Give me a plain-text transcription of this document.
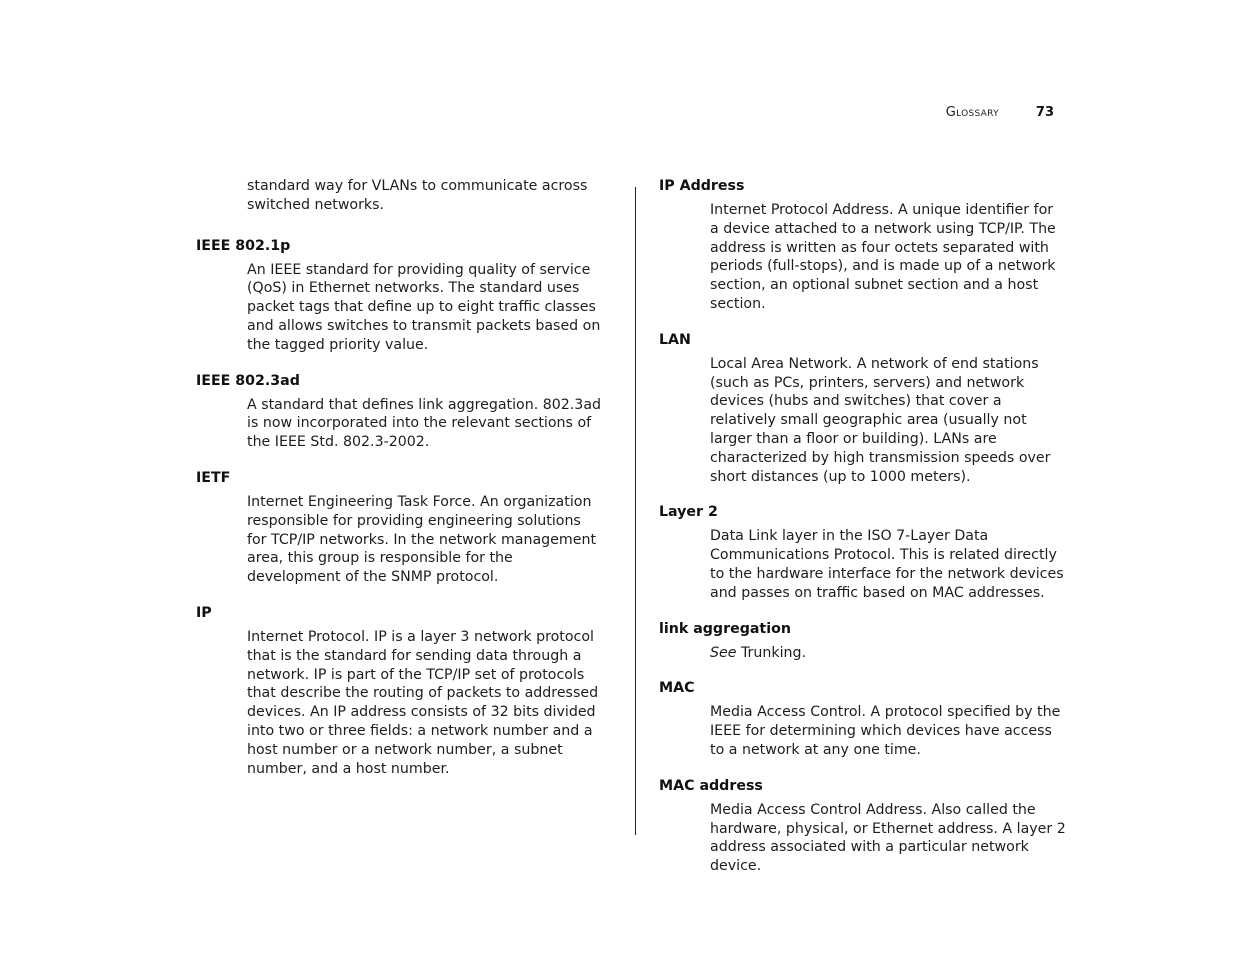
Glossary	73

standard way for VLANs to communicate across switched networks.

IEEE 802.1p

An IEEE standard for providing quality of service (QoS) in Ethernet networks. The standard uses packet tags that define up to eight traffic classes and allows switches to transmit packets based on the tagged priority value.

IEEE 802.3ad

A standard that defines link aggregation. 802.3ad is now incorporated into the relevant sections of the IEEE Std. 802.3-2002.

IETF

Internet Engineering Task Force. An organization responsible for providing engineering solutions for TCP/IP networks. In the network management area, this group is responsible for the development of the SNMP protocol.

IP

Internet Protocol. IP is a layer 3 network protocol that is the standard for sending data through a network. IP is part of the TCP/IP set of protocols that describe the routing of packets to addressed devices. An IP address consists of 32 bits divided into two or three fields: a network number and a host number or a network number, a subnet number, and a host number.

IP Address

Internet Protocol Address. A unique identifier for a device attached to a network using TCP/IP. The address is written as four octets separated with periods (full-stops), and is made up of a network section, an optional subnet section and a host section.

LAN

Local Area Network. A network of end stations (such as PCs, printers, servers) and network devices (hubs and switches) that cover a relatively small geographic area (usually not larger than a floor or building). LANs are characterized by high transmission speeds over short distances (up to 1000 meters).

Layer 2

Data Link layer in the ISO 7-Layer Data Communications Protocol. This is related directly to the hardware interface for the network devices and passes on traffic based on MAC addresses.

link aggregation

See Trunking.

MAC

Media Access Control. A protocol specified by the IEEE for determining which devices have access to a network at any one time.

MAC address

Media Access Control Address. Also called the hardware, physical, or Ethernet address. A layer 2 address associated with a particular network device.
